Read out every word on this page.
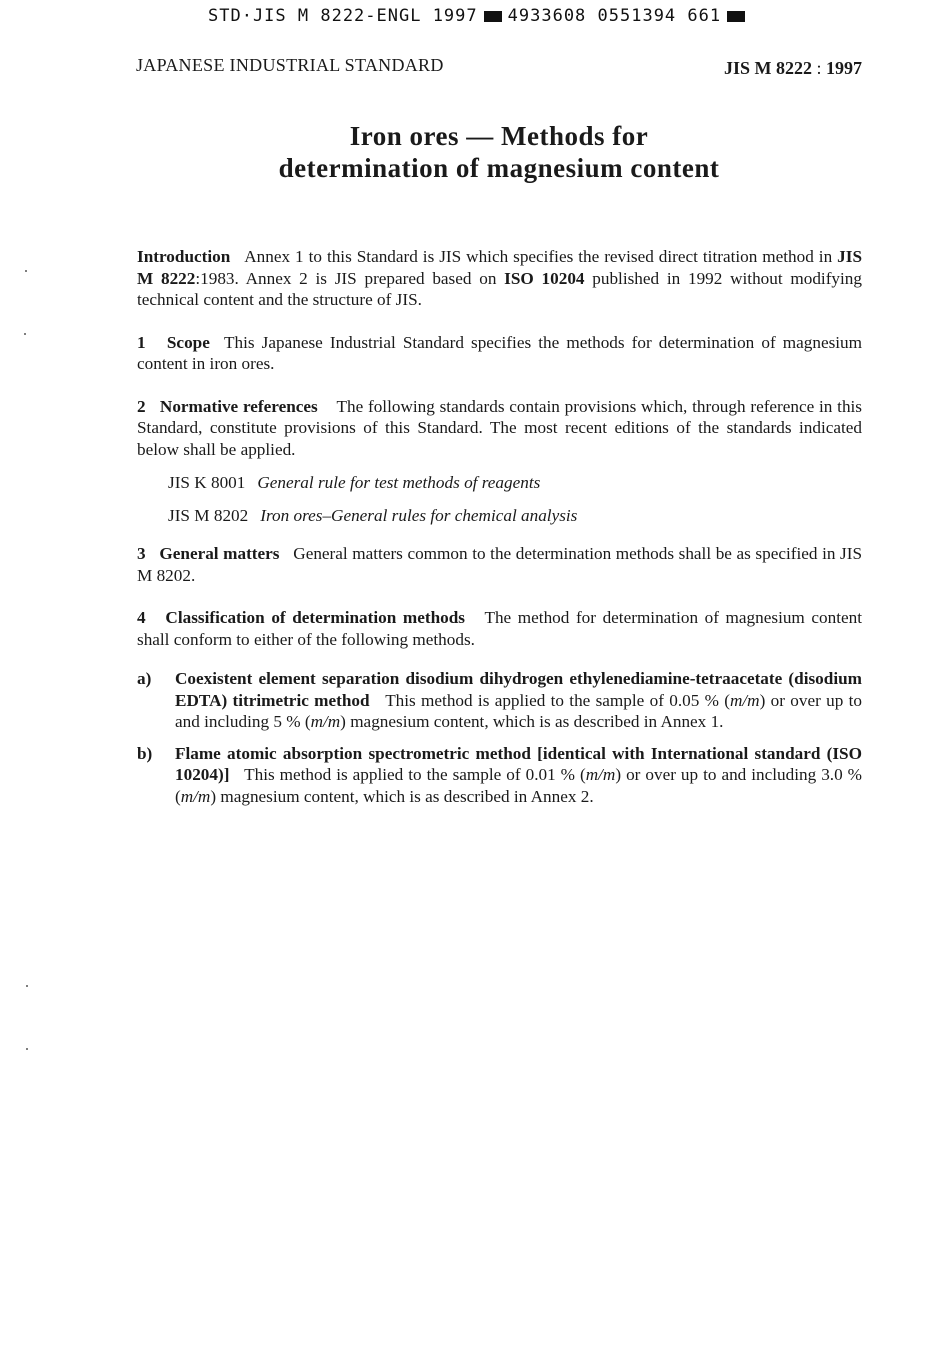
STD·JIS M 8222-ENGL 1997 4933608 0551394 661
JAPANESE INDUSTRIAL STANDARD	JIS M 8222 : 1997
Iron ores — Methods for
determination of magnesium content

Introduction Annex 1 to this Standard is JIS which specifies the revised direct titration method in JIS M 8222:1983. Annex 2 is JIS prepared based on ISO 10204 published in 1992 without modifying technical content and the structure of JIS.

1 Scope This Japanese Industrial Standard specifies the methods for determination of magnesium content in iron ores.

2 Normative references The following standards contain provisions which, through reference in this Standard, constitute provisions of this Standard. The most recent editions of the standards indicated below shall be applied.

JIS K 8001 General rule for test methods of reagents
JIS M 8202 Iron ores–General rules for chemical analysis

3 General matters General matters common to the determination methods shall be as specified in JIS M 8202.

4 Classification of determination methods The method for determination of magnesium content shall conform to either of the following methods.

a) Coexistent element separation disodium dihydrogen ethylenediamine-tetraacetate (disodium EDTA) titrimetric method This method is applied to the sample of 0.05 % (m/m) or over up to and including 5 % (m/m) magnesium content, which is as described in Annex 1.
b) Flame atomic absorption spectrometric method [identical with International standard (ISO 10204)] This method is applied to the sample of 0.01 % (m/m) or over up to and including 3.0 % (m/m) magnesium content, which is as described in Annex 2.
